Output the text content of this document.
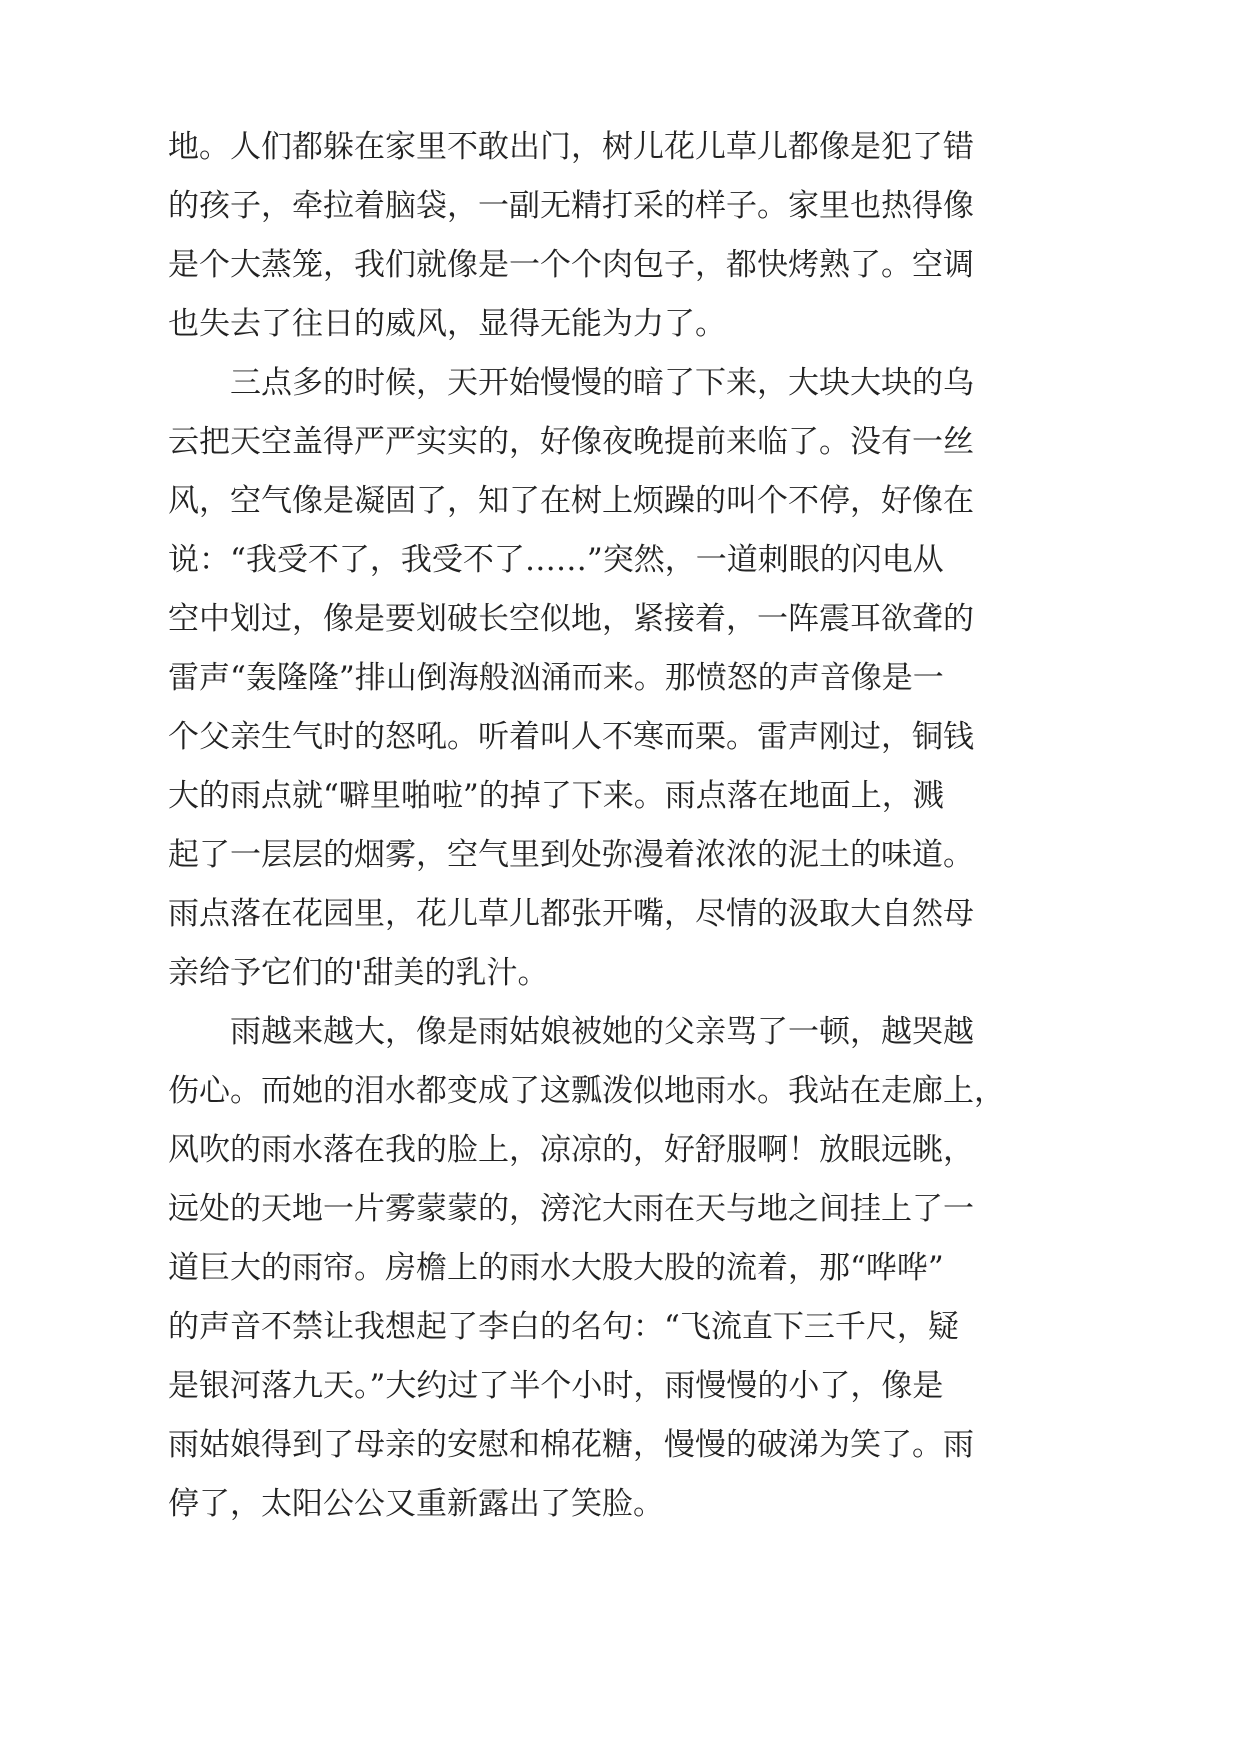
地。人们都躲在家里不敢出门，树儿花儿草儿都像是犯了错
的孩子，牵拉着脑袋，一副无精打采的样子。家里也热得像
是个大蒸笼，我们就像是一个个肉包子，都快烤熟了。空调
也失去了往日的威风，显得无能为力了。
三点多的时候，天开始慢慢的暗了下来，大块大块的乌
云把天空盖得严严实实的，好像夜晚提前来临了。没有一丝
风，空气像是凝固了，知了在树上烦躁的叫个不停，好像在
说：“我受不了，我受不了……”突然，一道刺眼的闪电从
空中划过，像是要划破长空似地，紧接着，一阵震耳欲聋的
雷声“轰隆隆”排山倒海般汹涌而来。那愤怒的声音像是一
个父亲生气时的怒吼。听着叫人不寒而栗。雷声刚过，铜钱
大的雨点就“噼里啪啦”的掉了下来。雨点落在地面上，溅
起了一层层的烟雾，空气里到处弥漫着浓浓的泥土的味道。
雨点落在花园里，花儿草儿都张开嘴，尽情的汲取大自然母
亲给予它们的'甜美的乳汁。
雨越来越大，像是雨姑娘被她的父亲骂了一顿，越哭越
伤心。而她的泪水都变成了这瓢泼似地雨水。我站在走廊上，
风吹的雨水落在我的脸上，凉凉的，好舒服啊！放眼远眺，
远处的天地一片雾蒙蒙的，滂沱大雨在天与地之间挂上了一
道巨大的雨帘。房檐上的雨水大股大股的流着，那“哗哗”
的声音不禁让我想起了李白的名句：“飞流直下三千尺，疑
是银河落九天。”大约过了半个小时，雨慢慢的小了，像是
雨姑娘得到了母亲的安慰和棉花糖，慢慢的破涕为笑了。雨
停了，太阳公公又重新露出了笑脸。
